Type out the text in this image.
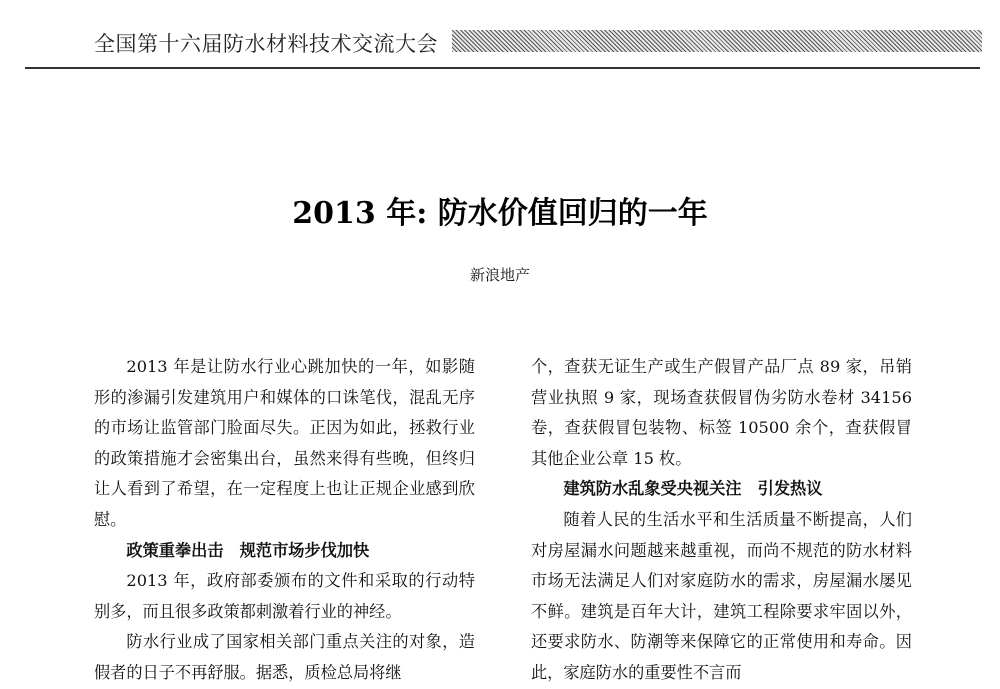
全国第十六届防水材料技术交流大会
2013 年: 防水价值回归的一年
新浪地产

2013 年是让防水行业心跳加快的一年，如影随形的渗漏引发建筑用户和媒体的口诛笔伐，混乱无序的市场让监管部门脸面尽失。正因为如此，拯救行业的政策措施才会密集出台，虽然来得有些晚，但终归让人看到了希望，在一定程度上也让正规企业感到欣慰。

政策重拳出击　规范市场步伐加快

2013 年，政府部委颁布的文件和采取的行动特别多，而且很多政策都刺激着行业的神经。

防水行业成了国家相关部门重点关注的对象，造假者的日子不再舒服。据悉，质检总局将继

个，查获无证生产或生产假冒产品厂点 89 家，吊销营业执照 9 家，现场查获假冒伪劣防水卷材 34156 卷，查获假冒包装物、标签 10500 余个，查获假冒其他企业公章 15 枚。

建筑防水乱象受央视关注　引发热议

随着人民的生活水平和生活质量不断提高，人们对房屋漏水问题越来越重视，而尚不规范的防水材料市场无法满足人们对家庭防水的需求，房屋漏水屡见不鲜。建筑是百年大计，建筑工程除要求牢固以外，还要求防水、防潮等来保障它的正常使用和寿命。因此，家庭防水的重要性不言而
